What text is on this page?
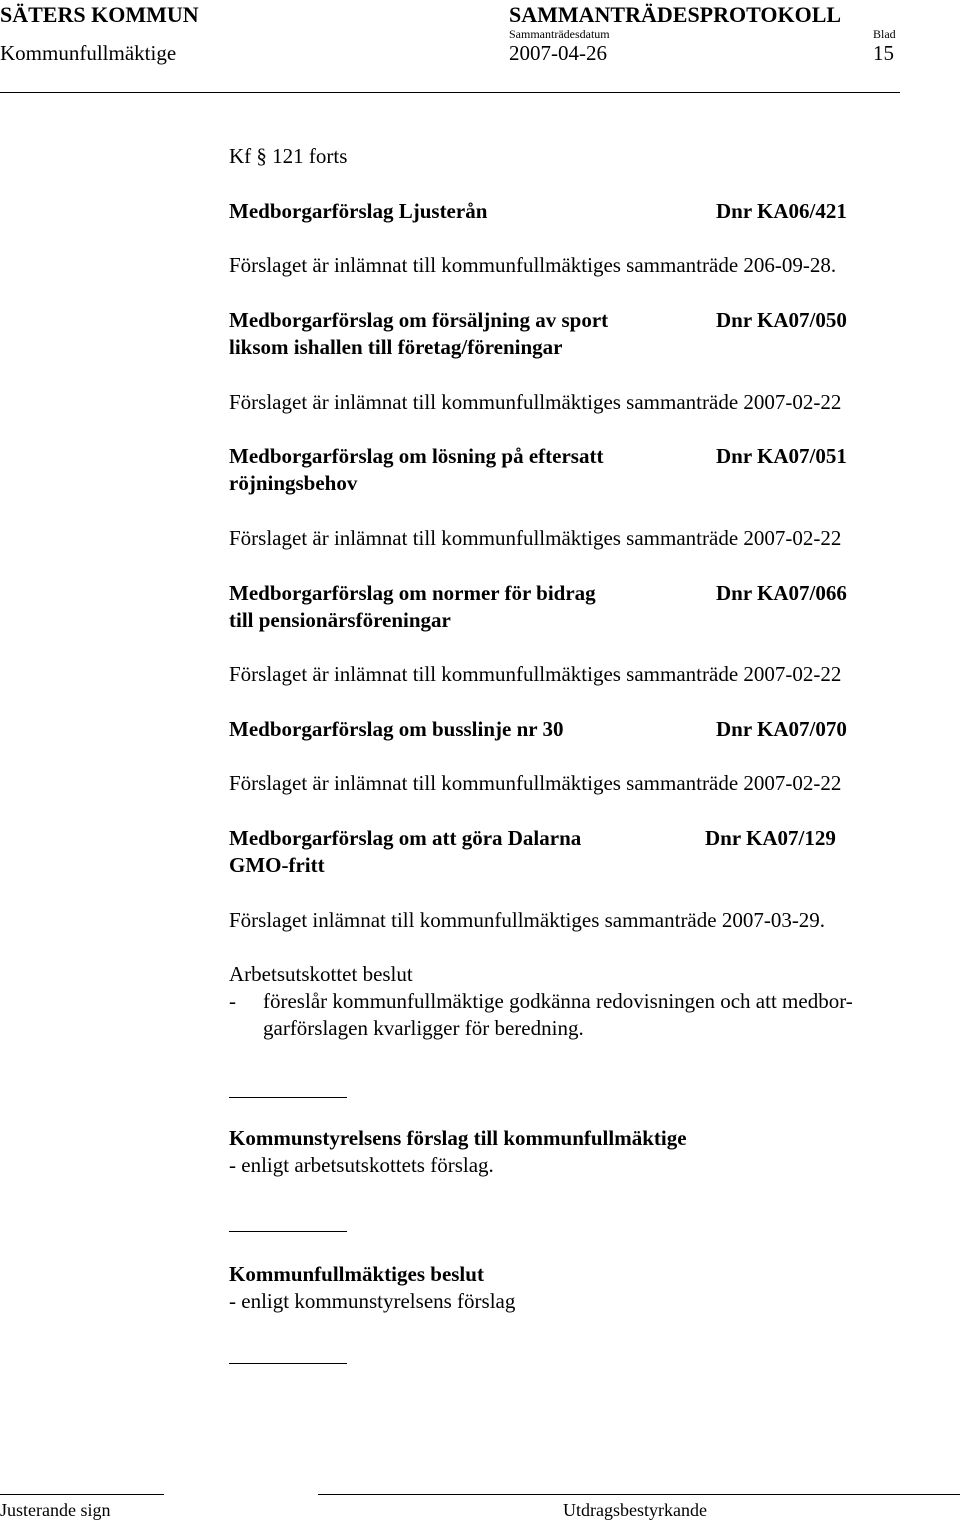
SÄTERS KOMMUN	SAMMANTRÄDESPROTOKOLL
Sammanträdesdatum	Blad
Kommunfullmäktige	2007-04-26	15
Kf § 121 forts
Medborgarförslag Ljusterån	Dnr KA06/421
Förslaget är inlämnat till kommunfullmäktiges sammanträde 206-09-28.
Medborgarförslag om försäljning av sport
liksom ishallen till företag/föreningar
Dnr KA07/050
Förslaget är inlämnat till kommunfullmäktiges sammanträde 2007-02-22
Medborgarförslag om lösning på eftersatt
röjningsbehov
Dnr KA07/051
Förslaget är inlämnat till kommunfullmäktiges sammanträde 2007-02-22
Medborgarförslag om normer för bidrag
till pensionärsföreningar
Dnr KA07/066
Förslaget är inlämnat till kommunfullmäktiges sammanträde 2007-02-22
Medborgarförslag om busslinje nr 30	Dnr KA07/070
Förslaget är inlämnat till kommunfullmäktiges sammanträde 2007-02-22
Medborgarförslag om att göra Dalarna
GMO-fritt
Dnr KA07/129
Förslaget inlämnat till kommunfullmäktiges sammanträde 2007-03-29.
Arbetsutskottet beslut
- föreslår kommunfullmäktige godkänna redovisningen och att medbor-
garförslagen kvarligger för beredning.
Kommunstyrelsens förslag till kommunfullmäktige
- enligt arbetsutskottets förslag.
Kommunfullmäktiges beslut
- enligt kommunstyrelsens förslag
Justerande sign	Utdragsbestyrkande
